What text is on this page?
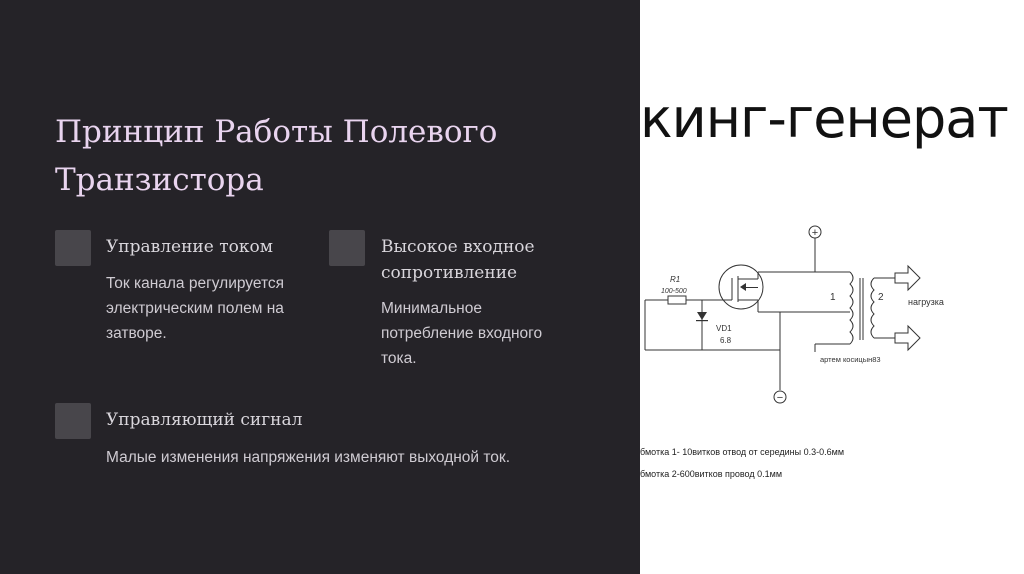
Принцип Работы Полевого Транзистора
Управление током
Ток канала регулируется электрическим полем на затворе.
Высокое входное сопротивление
Минимальное потребление входного тока.
Управляющий сигнал
Малые изменения напряжения изменяют выходной ток.
кинг-генерат
+
−
R1
100-500
VD1
6.8
1	2	нагрузка
артем косицын83
бмотка 1- 10витков отвод от середины 0.3-0.6мм
бмотка 2-600витков провод 0.1мм
